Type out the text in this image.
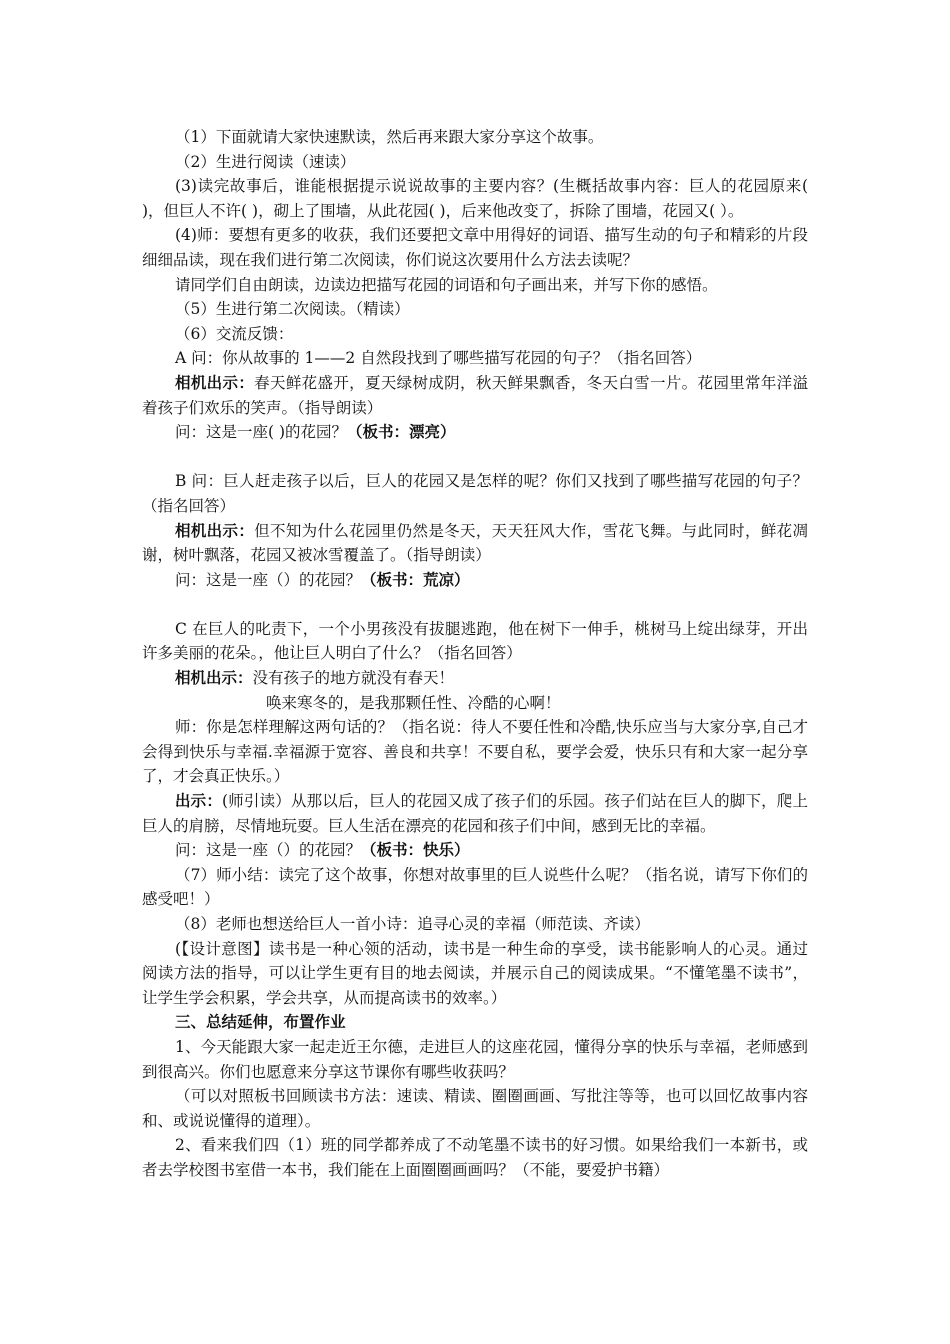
（1）下面就请大家快速默读，然后再来跟大家分享这个故事。

（2）生进行阅读（速读）

(3)读完故事后，谁能根据提示说说故事的主要内容？(生概括故事内容：巨人的花园原来( )，但巨人不许( )，砌上了围墙，从此花园( )，后来他改变了，拆除了围墙，花园又( ）。

(4)师：要想有更多的收获，我们还要把文章中用得好的词语、描写生动的句子和精彩的片段细细品读，现在我们进行第二次阅读，你们说这次要用什么方法去读呢？

请同学们自由朗读，边读边把描写花园的词语和句子画出来，并写下你的感悟。

（5）生进行第二次阅读。（精读）

（6）交流反馈：

A 问：你从故事的 1——2 自然段找到了哪些描写花园的句子？（指名回答）

相机出示：春天鲜花盛开，夏天绿树成阴，秋天鲜果飘香，冬天白雪一片。花园里常年洋溢着孩子们欢乐的笑声。（指导朗读）

问：这是一座( )的花园？（板书：漂亮）

B 问：巨人赶走孩子以后，巨人的花园又是怎样的呢？你们又找到了哪些描写花园的句子？（指名回答）

相机出示：但不知为什么花园里仍然是冬天，天天狂风大作，雪花飞舞。与此同时，鲜花凋谢，树叶飘落，花园又被冰雪覆盖了。（指导朗读）

问：这是一座（）的花园？（板书：荒凉）

C 在巨人的叱责下，一个小男孩没有拔腿逃跑，他在树下一伸手，桃树马上绽出绿芽，开出许多美丽的花朵。，他让巨人明白了什么？（指名回答）

相机出示：没有孩子的地方就没有春天！

唤来寒冬的，是我那颗任性、冷酷的心啊！

师：你是怎样理解这两句话的？（指名说：待人不要任性和冷酷,快乐应当与大家分享,自己才会得到快乐与幸福.幸福源于宽容、善良和共享！不要自私，要学会爱，快乐只有和大家一起分享了，才会真正快乐。）

出示：(师引读）从那以后，巨人的花园又成了孩子们的乐园。孩子们站在巨人的脚下，爬上巨人的肩膀，尽情地玩耍。巨人生活在漂亮的花园和孩子们中间，感到无比的幸福。

问：这是一座（）的花园？（板书：快乐）

（7）师小结：读完了这个故事，你想对故事里的巨人说些什么呢？（指名说，请写下你们的感受吧！）

（8）老师也想送给巨人一首小诗：追寻心灵的幸福（师范读、齐读）

(【设计意图】读书是一种心领的活动，读书是一种生命的享受，读书能影响人的心灵。通过阅读方法的指导，可以让学生更有目的地去阅读，并展示自己的阅读成果。“不懂笔墨不读书”，让学生学会积累，学会共享，从而提高读书的效率。）

三、总结延伸，布置作业

1、今天能跟大家一起走近王尔德，走进巨人的这座花园，懂得分享的快乐与幸福，老师感到到很高兴。你们也愿意来分享这节课你有哪些收获吗？

（可以对照板书回顾读书方法：速读、精读、圈圈画画、写批注等等，也可以回忆故事内容和、或说说懂得的道理）。

2、看来我们四（1）班的同学都养成了不动笔墨不读书的好习惯。如果给我们一本新书，或者去学校图书室借一本书，我们能在上面圈圈画画吗？（不能，要爱护书籍）
